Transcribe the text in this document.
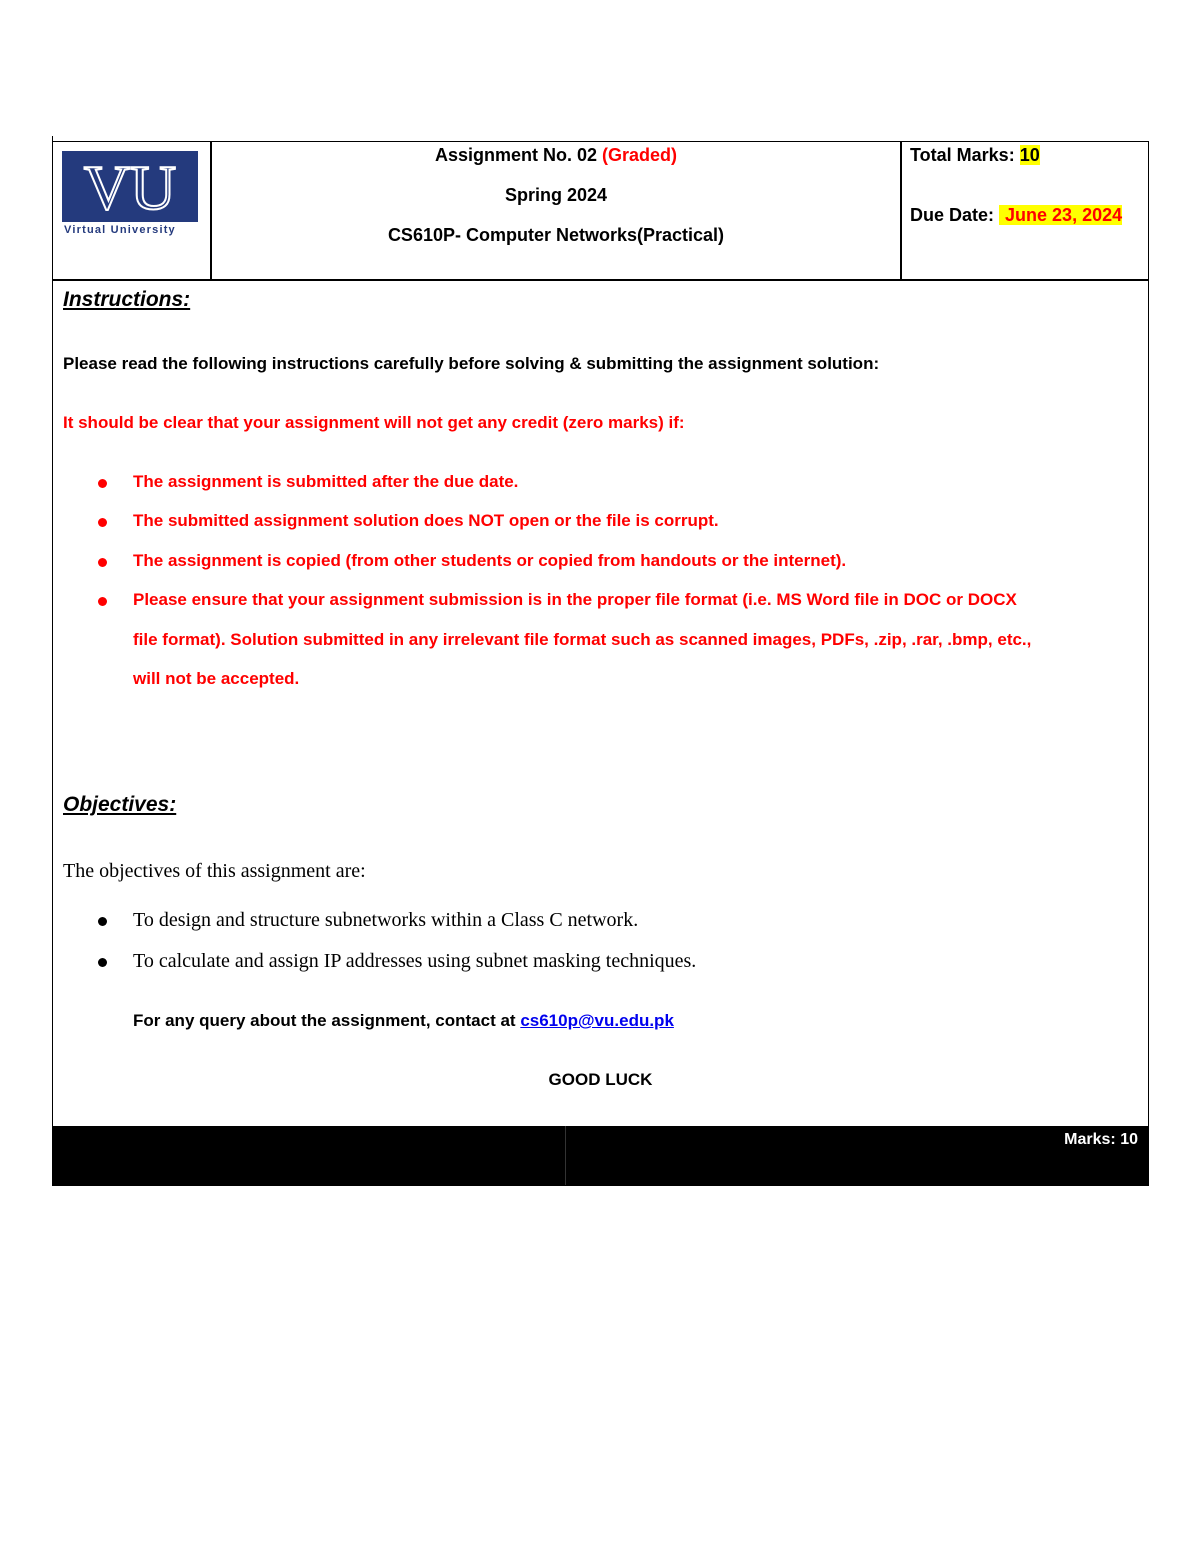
VU
Virtual University
Assignment No. 02 (Graded)
Spring 2024
CS610P- Computer Networks(Practical)
Total Marks: 10
Due Date: June 23, 2024
Instructions:
Please read the following instructions carefully before solving & submitting the assignment solution:
It should be clear that your assignment will not get any credit (zero marks) if:
The assignment is submitted after the due date.
The submitted assignment solution does NOT open or the file is corrupt.
The assignment is copied (from other students or copied from handouts or the internet).
Please ensure that your assignment submission is in the proper file format (i.e. MS Word file in DOC or DOCX
file format). Solution submitted in any irrelevant file format such as scanned images, PDFs, .zip, .rar, .bmp, etc.,
will not be accepted.
Objectives:
The objectives of this assignment are:
To design and structure subnetworks within a Class C network.
To calculate and assign IP addresses using subnet masking techniques.
For any query about the assignment, contact at cs610p@vu.edu.pk
GOOD LUCK
Marks: 10
